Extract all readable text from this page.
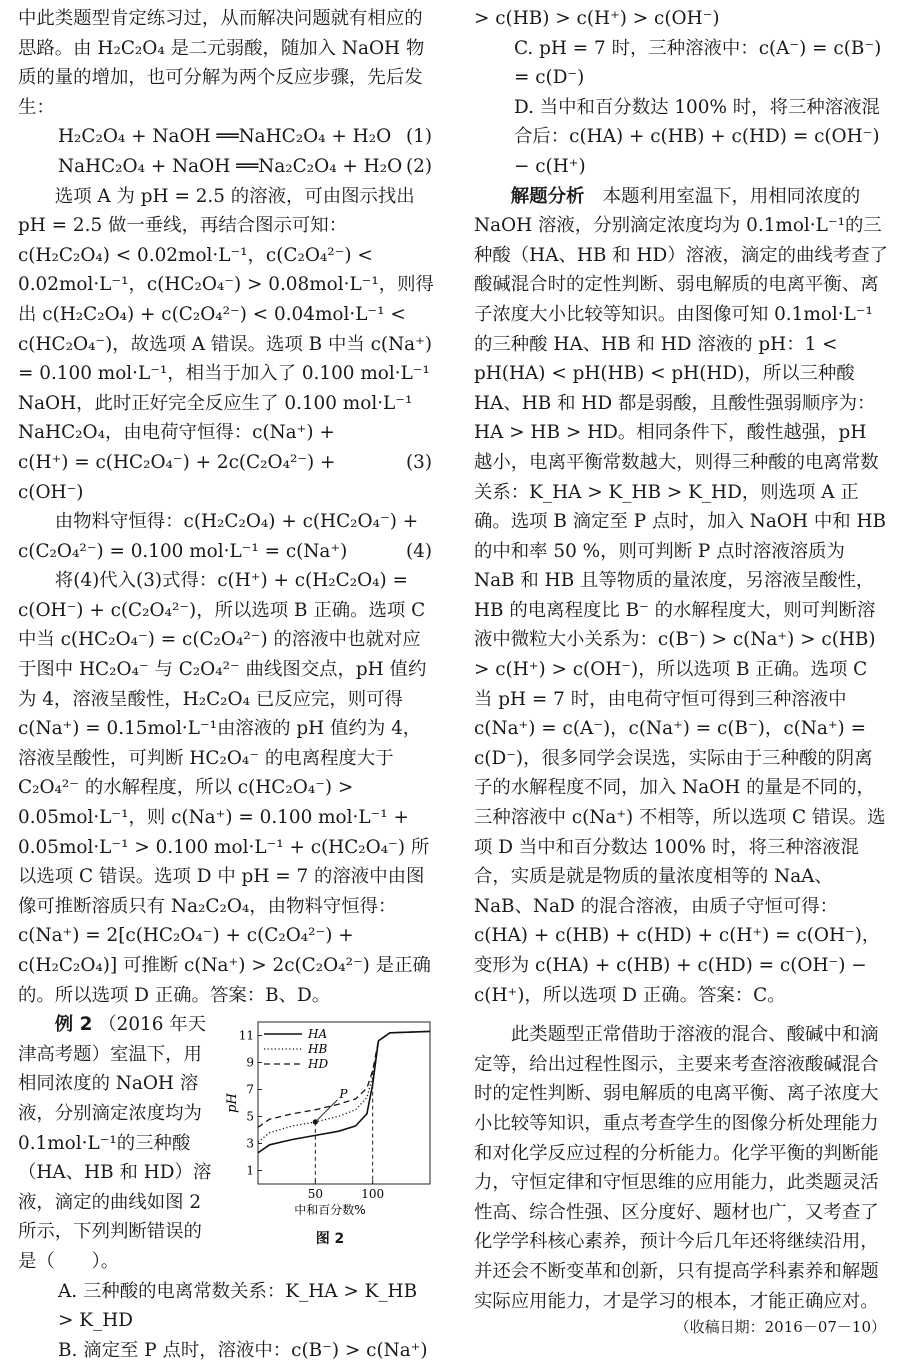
中此类题型肯定练习过，从而解决问题就有相应的思路。由 H₂C₂O₄ 是二元弱酸，随加入 NaOH 物质的量的增加，也可分解为两个反应步骤，先后发生：

H₂C₂O₄ + NaOH ══NaHC₂O₄ + H₂O (1)

NaHC₂O₄ + NaOH ══Na₂C₂O₄ + H₂O (2)

选项 A 为 pH = 2.5 的溶液，可由图示找出 pH = 2.5 做一垂线，再结合图示可知：c(H₂C₂O₄) < 0.02mol·L⁻¹，c(C₂O₄²⁻) < 0.02mol·L⁻¹，c(HC₂O₄⁻) > 0.08mol·L⁻¹，则得出 c(H₂C₂O₄) + c(C₂O₄²⁻) < 0.04mol·L⁻¹ < c(HC₂O₄⁻)，故选项 A 错误。选项 B 中当 c(Na⁺) = 0.100 mol·L⁻¹，相当于加入了 0.100 mol·L⁻¹ NaOH，此时正好完全反应生了 0.100 mol·L⁻¹ NaHC₂O₄，由电荷守恒得：c(Na⁺) +

c(H⁺) = c(HC₂O₄⁻) + 2c(C₂O₄²⁻) + c(OH⁻)
(3)

由物料守恒得：c(H₂C₂O₄) + c(HC₂O₄⁻) +

c(C₂O₄²⁻) = 0.100 mol·L⁻¹ = c(Na⁺)	(4)

将(4)代入(3)式得：c(H⁺) + c(H₂C₂O₄) = c(OH⁻) + c(C₂O₄²⁻)，所以选项 B 正确。选项 C 中当 c(HC₂O₄⁻) = c(C₂O₄²⁻) 的溶液中也就对应于图中 HC₂O₄⁻ 与 C₂O₄²⁻ 曲线图交点，pH 值约为 4，溶液呈酸性，H₂C₂O₄ 已反应完，则可得 c(Na⁺) = 0.15mol·L⁻¹由溶液的 pH 值约为 4，溶液呈酸性，可判断 HC₂O₄⁻ 的电离程度大于 C₂O₄²⁻ 的水解程度，所以 c(HC₂O₄⁻) > 0.05mol·L⁻¹，则 c(Na⁺) = 0.100 mol·L⁻¹ + 0.05mol·L⁻¹ > 0.100 mol·L⁻¹ + c(HC₂O₄⁻) 所以选项 C 错误。选项 D 中 pH = 7 的溶液中由图像可推断溶质只有 Na₂C₂O₄，由物料守恒得：c(Na⁺) = 2[c(HC₂O₄⁻) + c(C₂O₄²⁻) + c(H₂C₂O₄)] 可推断 c(Na⁺) > 2c(C₂O₄²⁻) 是正确的。所以选项 D 正确。答案：B、D。

1
3
5
7
9
11
50	100
pH
中和百分数%
P
HA
HB
HD
图 2

例 2 （2016 年天津高考题）室温下，用相同浓度的 NaOH 溶液，分别滴定浓度均为 0.1mol·L⁻¹的三种酸（HA、HB 和 HD）溶液，滴定的曲线如图 2 所示，下列判断错误的是（　　）。

A. 三种酸的电离常数关系：K_HA > K_HB > K_HD

B. 滴定至 P 点时，溶液中：c(B⁻) > c(Na⁺)

> c(HB) > c(H⁺) > c(OH⁻)

C. pH = 7 时，三种溶液中：c(A⁻) = c(B⁻) = c(D⁻)

D. 当中和百分数达 100% 时，将三种溶液混合后：c(HA) + c(HB) + c(HD) = c(OH⁻) − c(H⁺)

解题分析　 本题利用室温下，用相同浓度的 NaOH 溶液，分别滴定浓度均为 0.1mol·L⁻¹的三种酸（HA、HB 和 HD）溶液，滴定的曲线考查了酸碱混合时的定性判断、弱电解质的电离平衡、离子浓度大小比较等知识。由图像可知 0.1mol·L⁻¹ 的三种酸 HA、HB 和 HD 溶液的 pH：1 < pH(HA) < pH(HB) < pH(HD)，所以三种酸 HA、HB 和 HD 都是弱酸，且酸性强弱顺序为：HA > HB > HD。相同条件下，酸性越强，pH 越小，电离平衡常数越大，则得三种酸的电离常数关系：K_HA > K_HB > K_HD，则选项 A 正确。选项 B 滴定至 P 点时，加入 NaOH 中和 HB 的中和率 50 %，则可判断 P 点时溶液溶质为 NaB 和 HB 且等物质的量浓度，另溶液呈酸性，HB 的电离程度比 B⁻ 的水解程度大，则可判断溶液中微粒大小关系为：c(B⁻) > c(Na⁺) > c(HB) > c(H⁺) > c(OH⁻)，所以选项 B 正确。选项 C 当 pH = 7 时，由电荷守恒可得到三种溶液中 c(Na⁺) = c(A⁻)，c(Na⁺) = c(B⁻)，c(Na⁺) = c(D⁻)，很多同学会误选，实际由于三种酸的阴离子的水解程度不同，加入 NaOH 的量是不同的，三种溶液中 c(Na⁺) 不相等，所以选项 C 错误。选项 D 当中和百分数达 100% 时，将三种溶液混合，实质是就是物质的量浓度相等的 NaA、NaB、NaD 的混合溶液，由质子守恒可得：c(HA) + c(HB) + c(HD) + c(H⁺) = c(OH⁻)，变形为 c(HA) + c(HB) + c(HD) = c(OH⁻) − c(H⁺)，所以选项 D 正确。答案：C。

此类题型正常借助于溶液的混合、酸碱中和滴定等，给出过程性图示，主要来考查溶液酸碱混合时的定性判断、弱电解质的电离平衡、离子浓度大小比较等知识，重点考查学生的图像分析处理能力和对化学反应过程的分析能力。化学平衡的判断能力，守恒定律和守恒思维的应用能力，此类题灵活性高、综合性强、区分度好、题材也广，又考查了化学学科核心素养，预计今后几年还将继续沿用，并还会不断变革和创新，只有提高学科素养和解题实际应用能力，才是学习的根本，才能正确应对。

（收稿日期：2016－07－10）
